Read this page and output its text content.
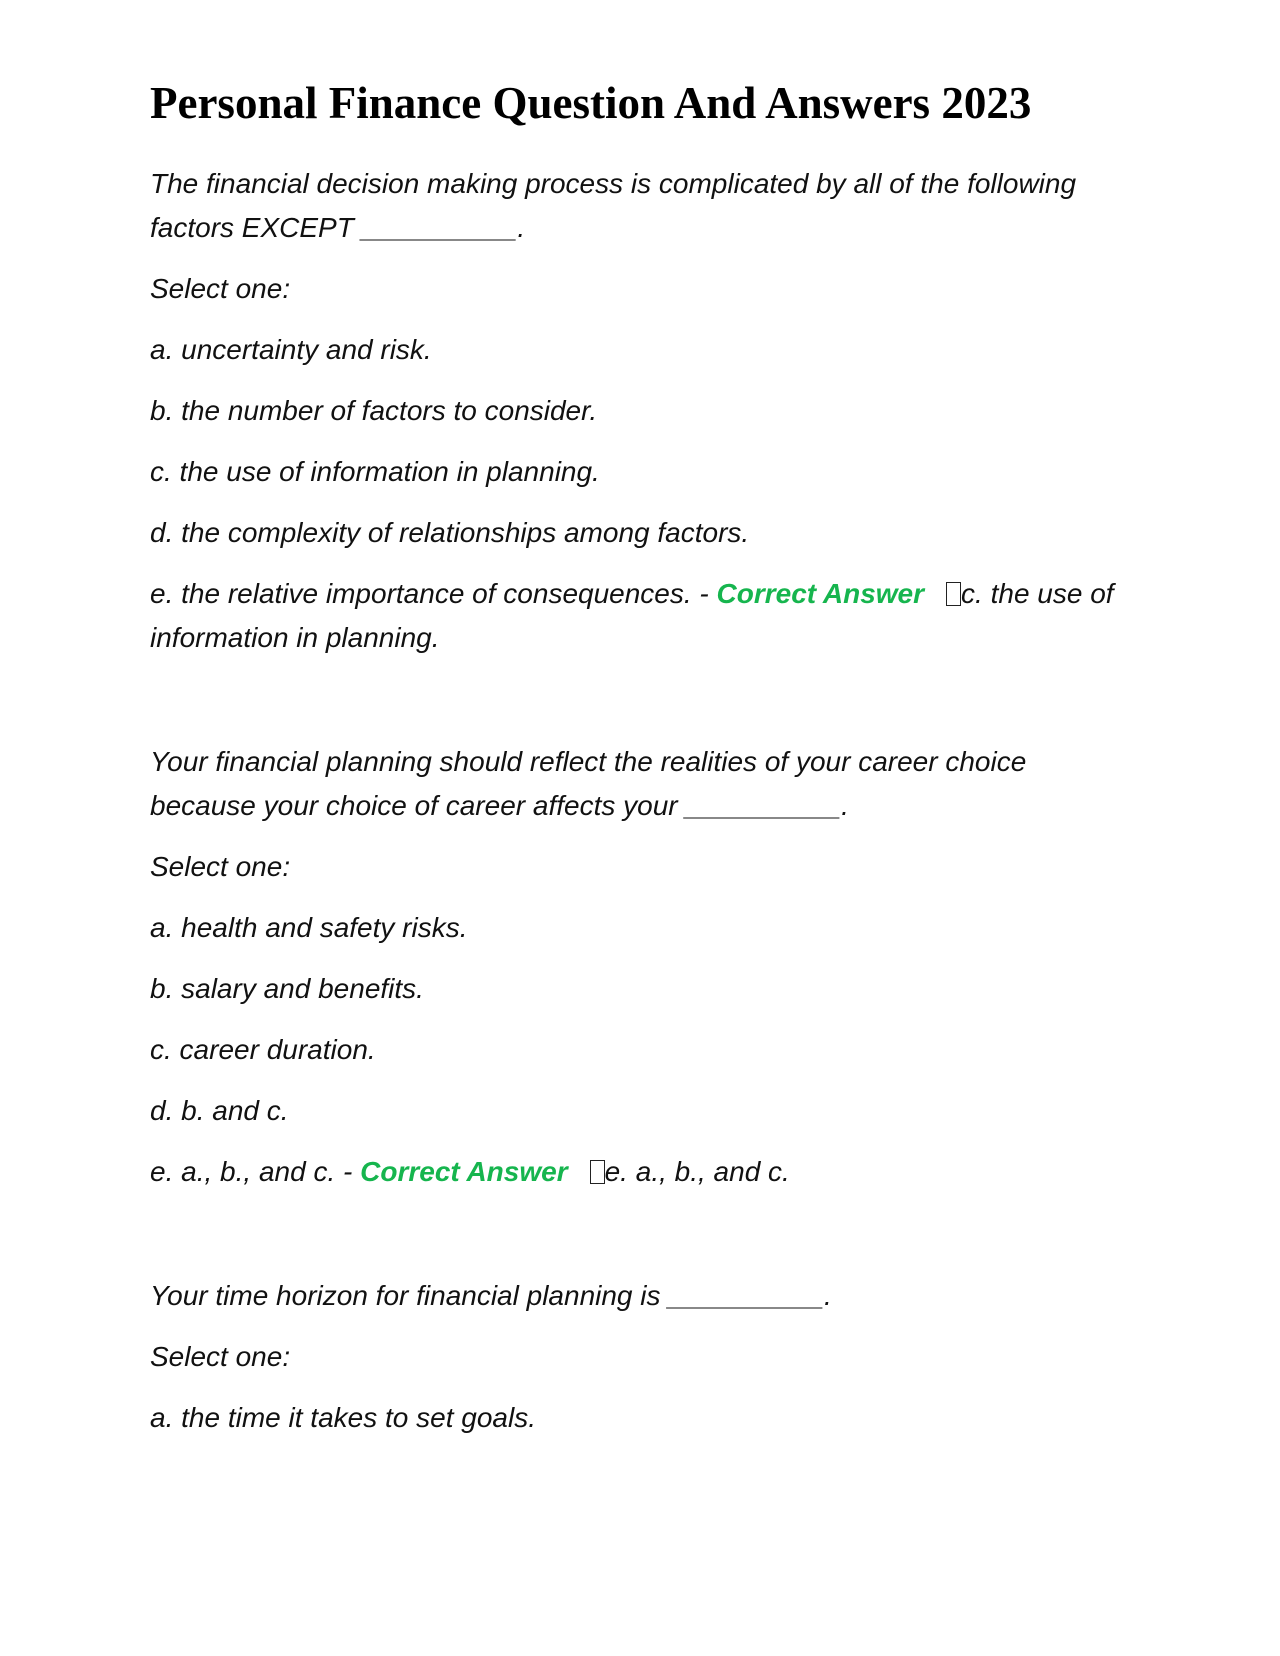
Personal Finance Question And Answers 2023

The financial decision making process is complicated by all of the following factors EXCEPT __________.

Select one:

a. uncertainty and risk.

b. the number of factors to consider.

c. the use of information in planning.

d. the complexity of relationships among factors.

e. the relative importance of consequences. - Correct Answer c. the use of information in planning.

Your financial planning should reflect the realities of your career choice because your choice of career affects your __________.

Select one:

a. health and safety risks.

b. salary and benefits.

c. career duration.

d. b. and c.

e. a., b., and c. - Correct Answer e. a., b., and c.

Your time horizon for financial planning is __________.

Select one:

a. the time it takes to set goals.
